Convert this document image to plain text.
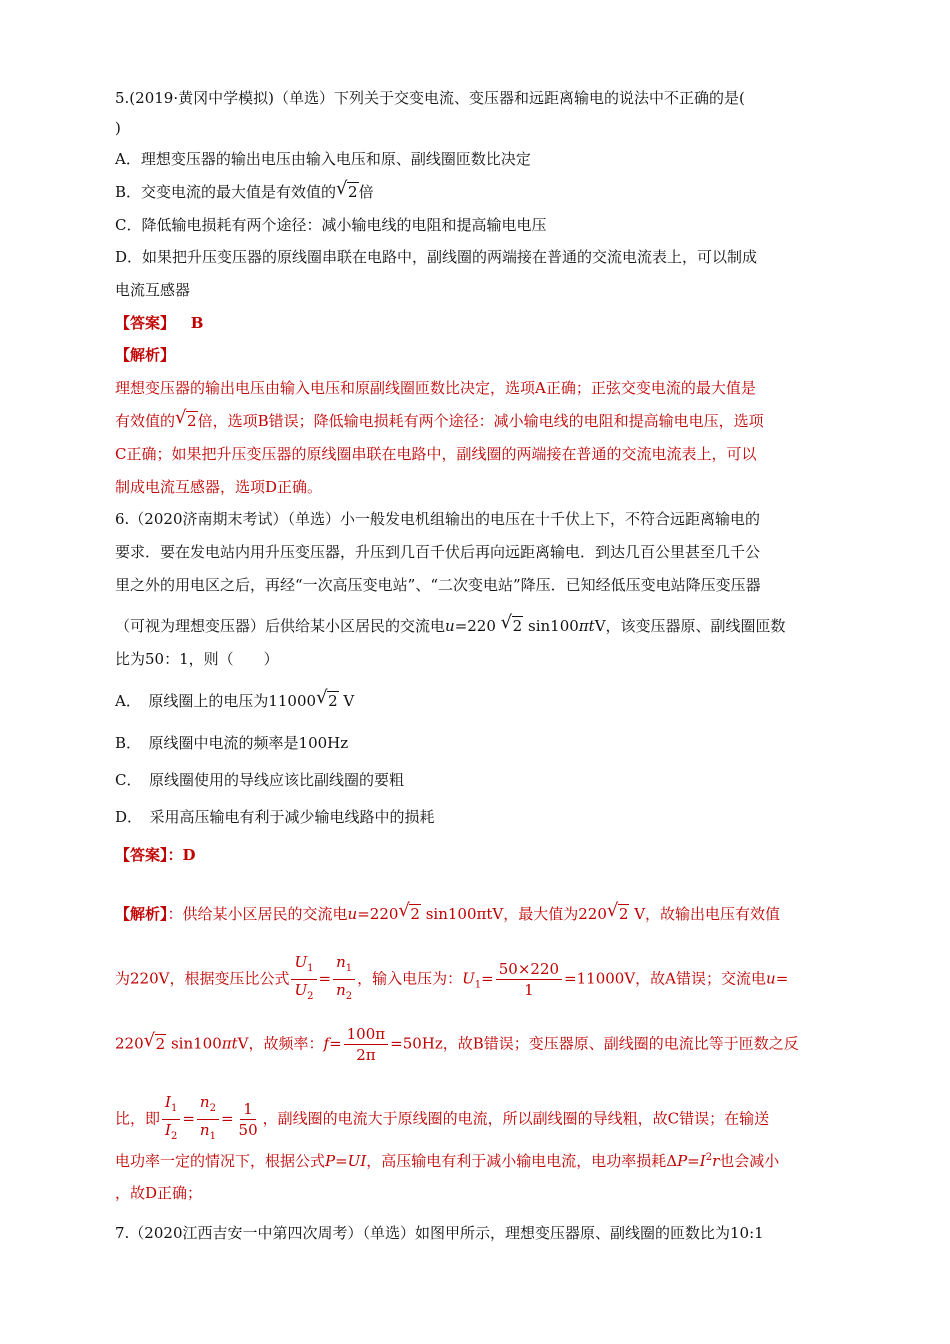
5.(2019·黄冈中学模拟)（单选）下列关于交变电流、变压器和远距离输电的说法中不正确的是(
)
A．理想变压器的输出电压由输入电压和原、副线圈匝数比决定
B．交变电流的最大值是有效值的 √ 2倍
C．降低输电损耗有两个途径：减小输电线的电阻和提高输电电压
D．如果把升压变压器的原线圈串联在电路中，副线圈的两端接在普通的交流电流表上，可以制成
电流互感器
【答案】 B
【解析】
理想变压器的输出电压由输入电压和原副线圈匝数比决定，选项A正确；正弦交变电流的最大值是
有效值的 √ 2倍，选项B错误；降低输电损耗有两个途径：减小输电线的电阻和提高输电电压，选项
C正确；如果把升压变压器的原线圈串联在电路中，副线圈的两端接在普通的交流电流表上，可以
制成电流互感器，选项D正确。
6.（2020济南期末考试）（单选）小一般发电机组输出的电压在十千伏上下，不符合远距离输电的
要求．要在发电站内用升压变压器，升压到几百千伏后再向远距离输电．到达几百公里甚至几千公
里之外的用电区之后，再经“一次高压变电站”、“二次变电站”降压．已知经低压变电站降压变压器
（可视为理想变压器）后供给某小区居民的交流电u=220 √ 2 sin100πtV，该变压器原、副线圈匝数
比为50：1，则（　　）
A．　原线圈上的电压为11000 √ 2 V
B．　原线圈中电流的频率是100Hz
C．　原线圈使用的导线应该比副线圈的要粗
D．　采用高压输电有利于减少输电线路中的损耗
【答案】：D
【解析】：供给某小区居民的交流电u=220 √ 2 sin100πtV，最大值为220 √ 2 V，故输出电压有效值
为220V，根据变压比公式 $\frac{U_1}{U_2} = \frac{n_1}{n_2}$ ，输入电压为：$U_1= \frac{50\times 220}{1} =11000V$，故A错误；交流电u=
220 √ 2 sin100πtV，故频率：$f= \frac{100\pi}{2\pi} =50Hz$，故B错误；变压器原、副线圈的电流比等于匝数之反
比，即 $\frac{I_1}{I_2} = \frac{n_2}{n_1} = \frac{1}{50}$ ，副线圈的电流大于原线圈的电流，所以副线圈的导线粗，故C错误；在输送
电功率一定的情况下，根据公式P=UI，高压输电有利于减小输电电流，电功率损耗$\Delta P=I^2r$也会减小
，故D正确；
7.（2020江西吉安一中第四次周考）（单选）如图甲所示，理想变压器原、副线圈的匝数比为10:1
